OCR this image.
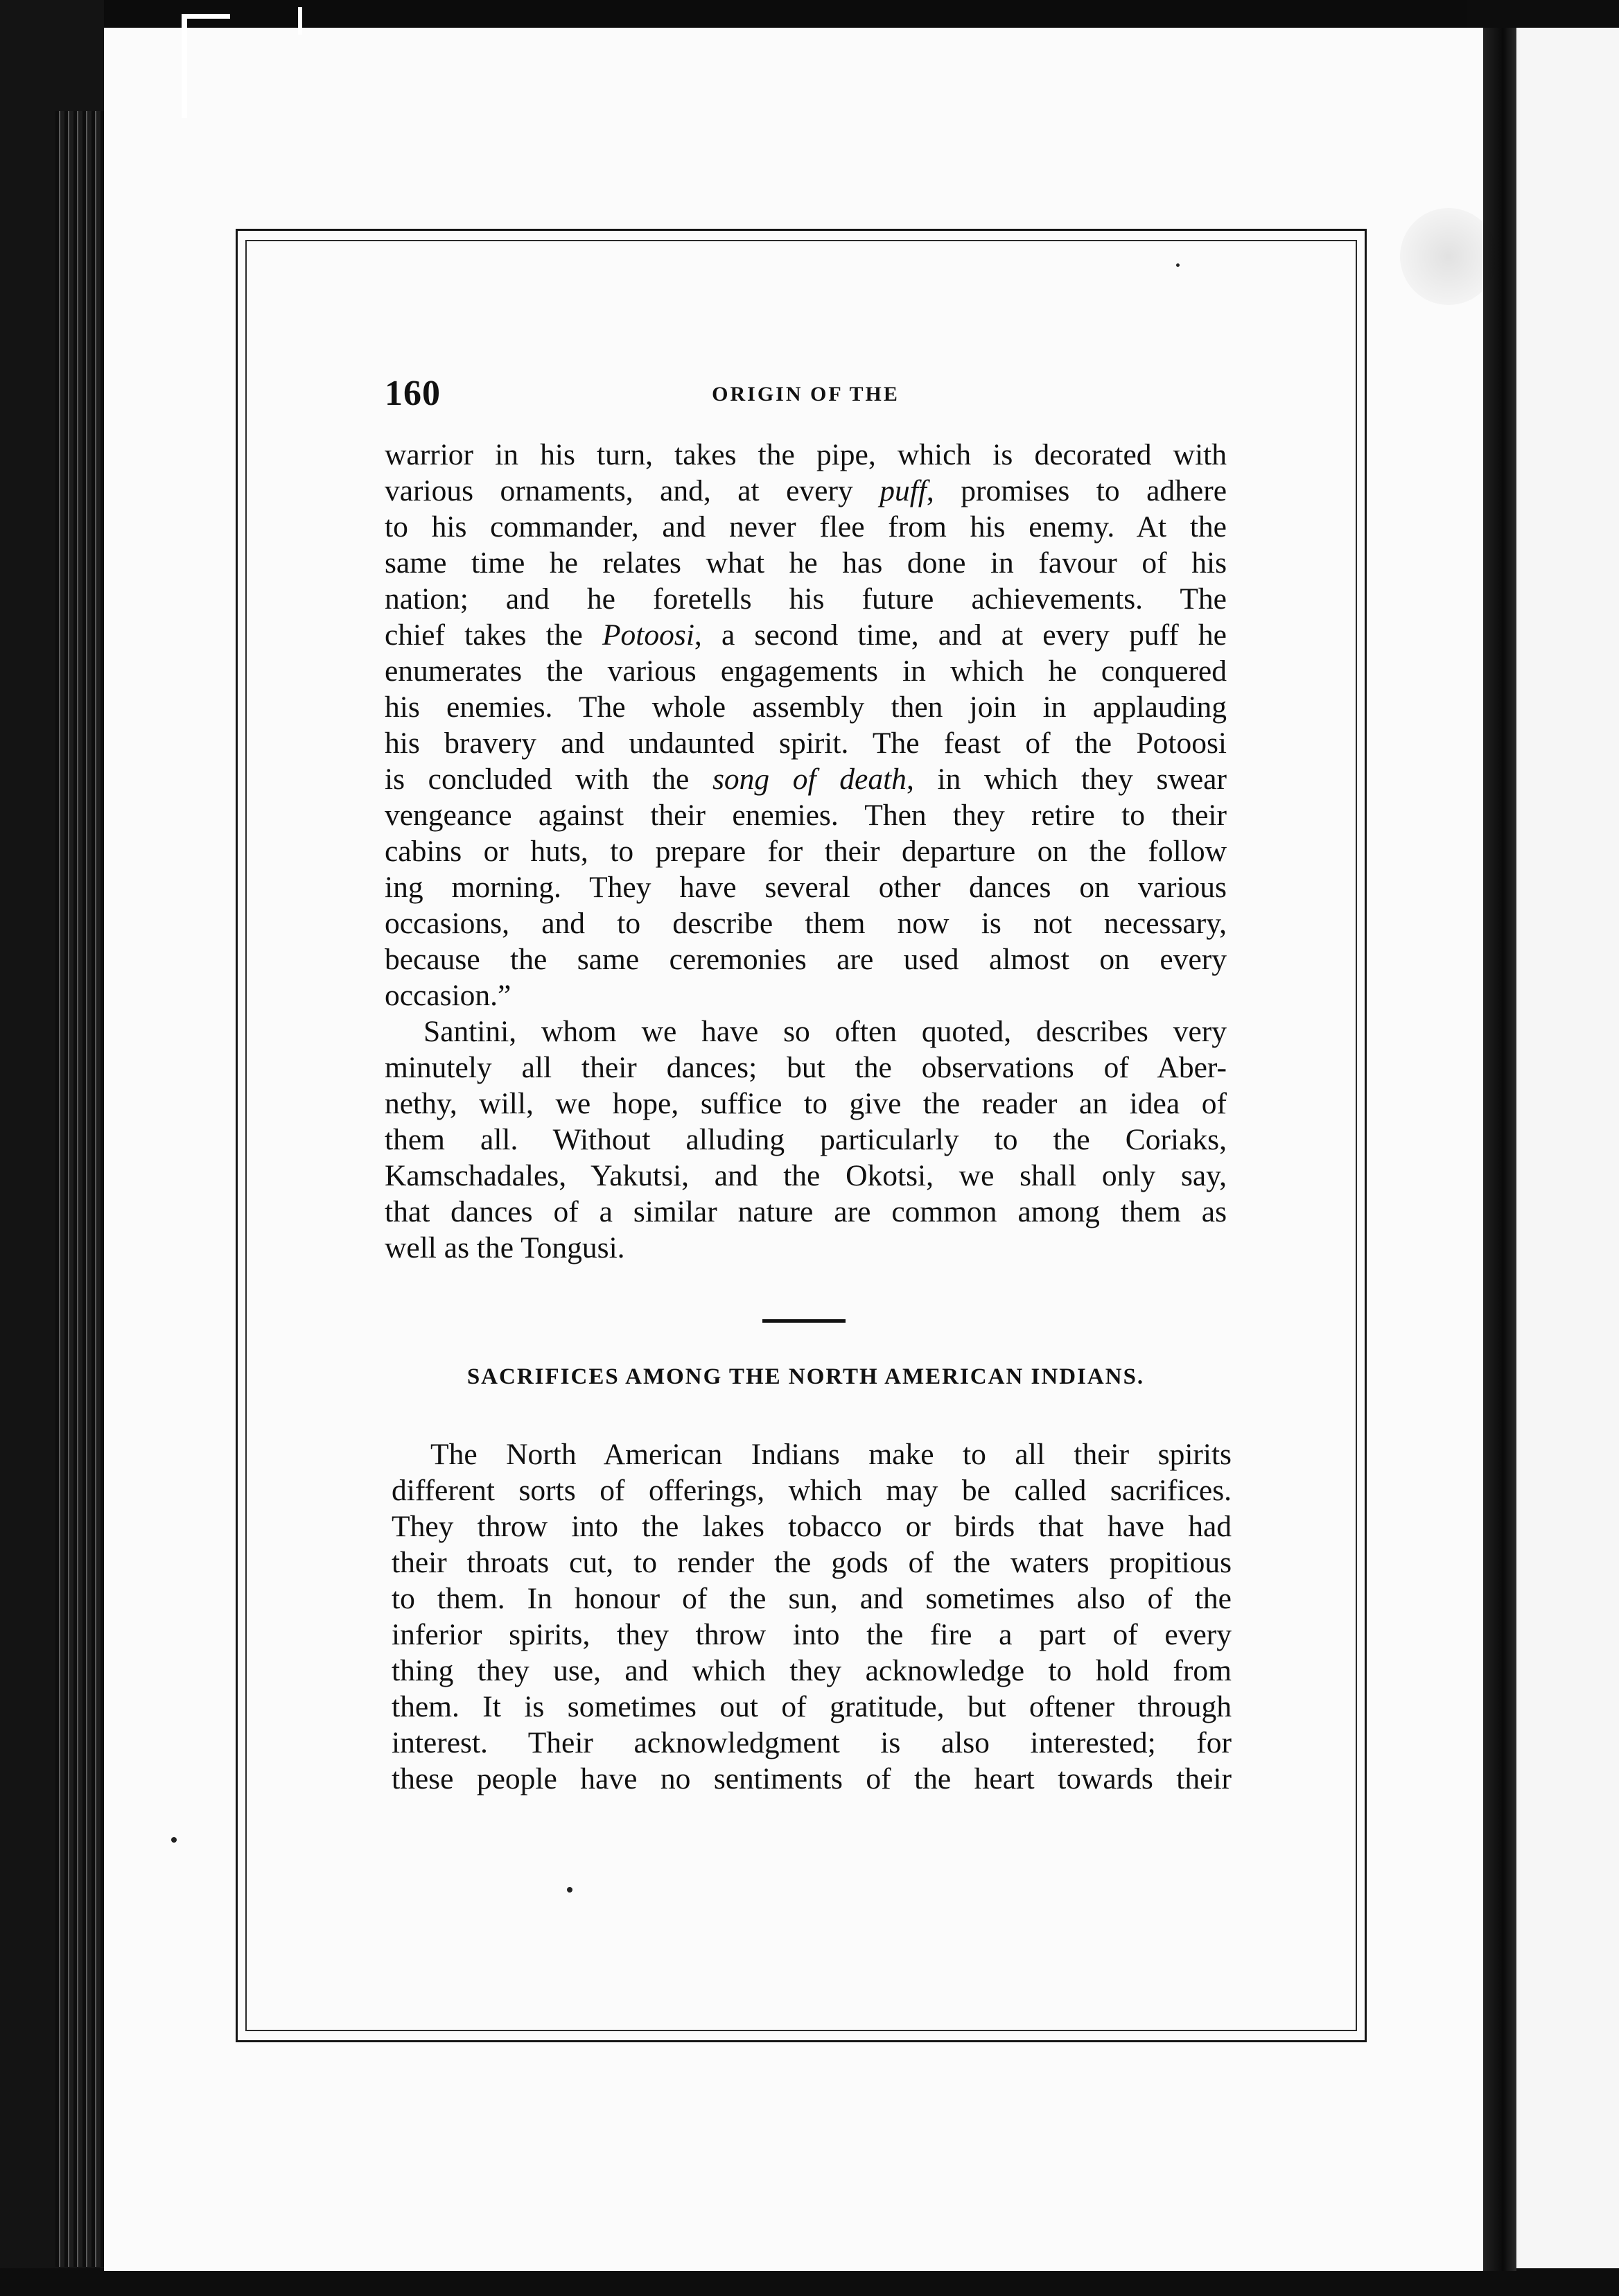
160	ORIGIN OF THE

warrior in his turn, takes the pipe, which is decorated with
various ornaments, and, at every puff, promises to adhere
to his commander, and never flee from his enemy. At the
same time he relates what he has done in favour of his
nation; and he foretells his future achievements. The
chief takes the Potoosi, a second time, and at every puff he
enumerates the various engagements in which he conquered
his enemies. The whole assembly then join in applauding
his bravery and undaunted spirit. The feast of the Potoosi
is concluded with the song of death, in which they swear
vengeance against their enemies. Then they retire to their
cabins or huts, to prepare for their departure on the follow
ing morning. They have several other dances on various
occasions, and to describe them now is not necessary,
because the same ceremonies are used almost on every
occasion.”

Santini, whom we have so often quoted, describes very
minutely all their dances; but the observations of Aber-
nethy, will, we hope, suffice to give the reader an idea of
them all. Without alluding particularly to the Coriaks,
Kamschadales, Yakutsi, and the Okotsi, we shall only say,
that dances of a similar nature are common among them as
well as the Tongusi.

SACRIFICES AMONG THE NORTH AMERICAN INDIANS.

The North American Indians make to all their spirits
different sorts of offerings, which may be called sacrifices.
They throw into the lakes tobacco or birds that have had
their throats cut, to render the gods of the waters propitious
to them. In honour of the sun, and sometimes also of the
inferior spirits, they throw into the fire a part of every
thing they use, and which they acknowledge to hold from
them. It is sometimes out of gratitude, but oftener through
interest. Their acknowledgment is also interested; for
these people have no sentiments of the heart towards their
